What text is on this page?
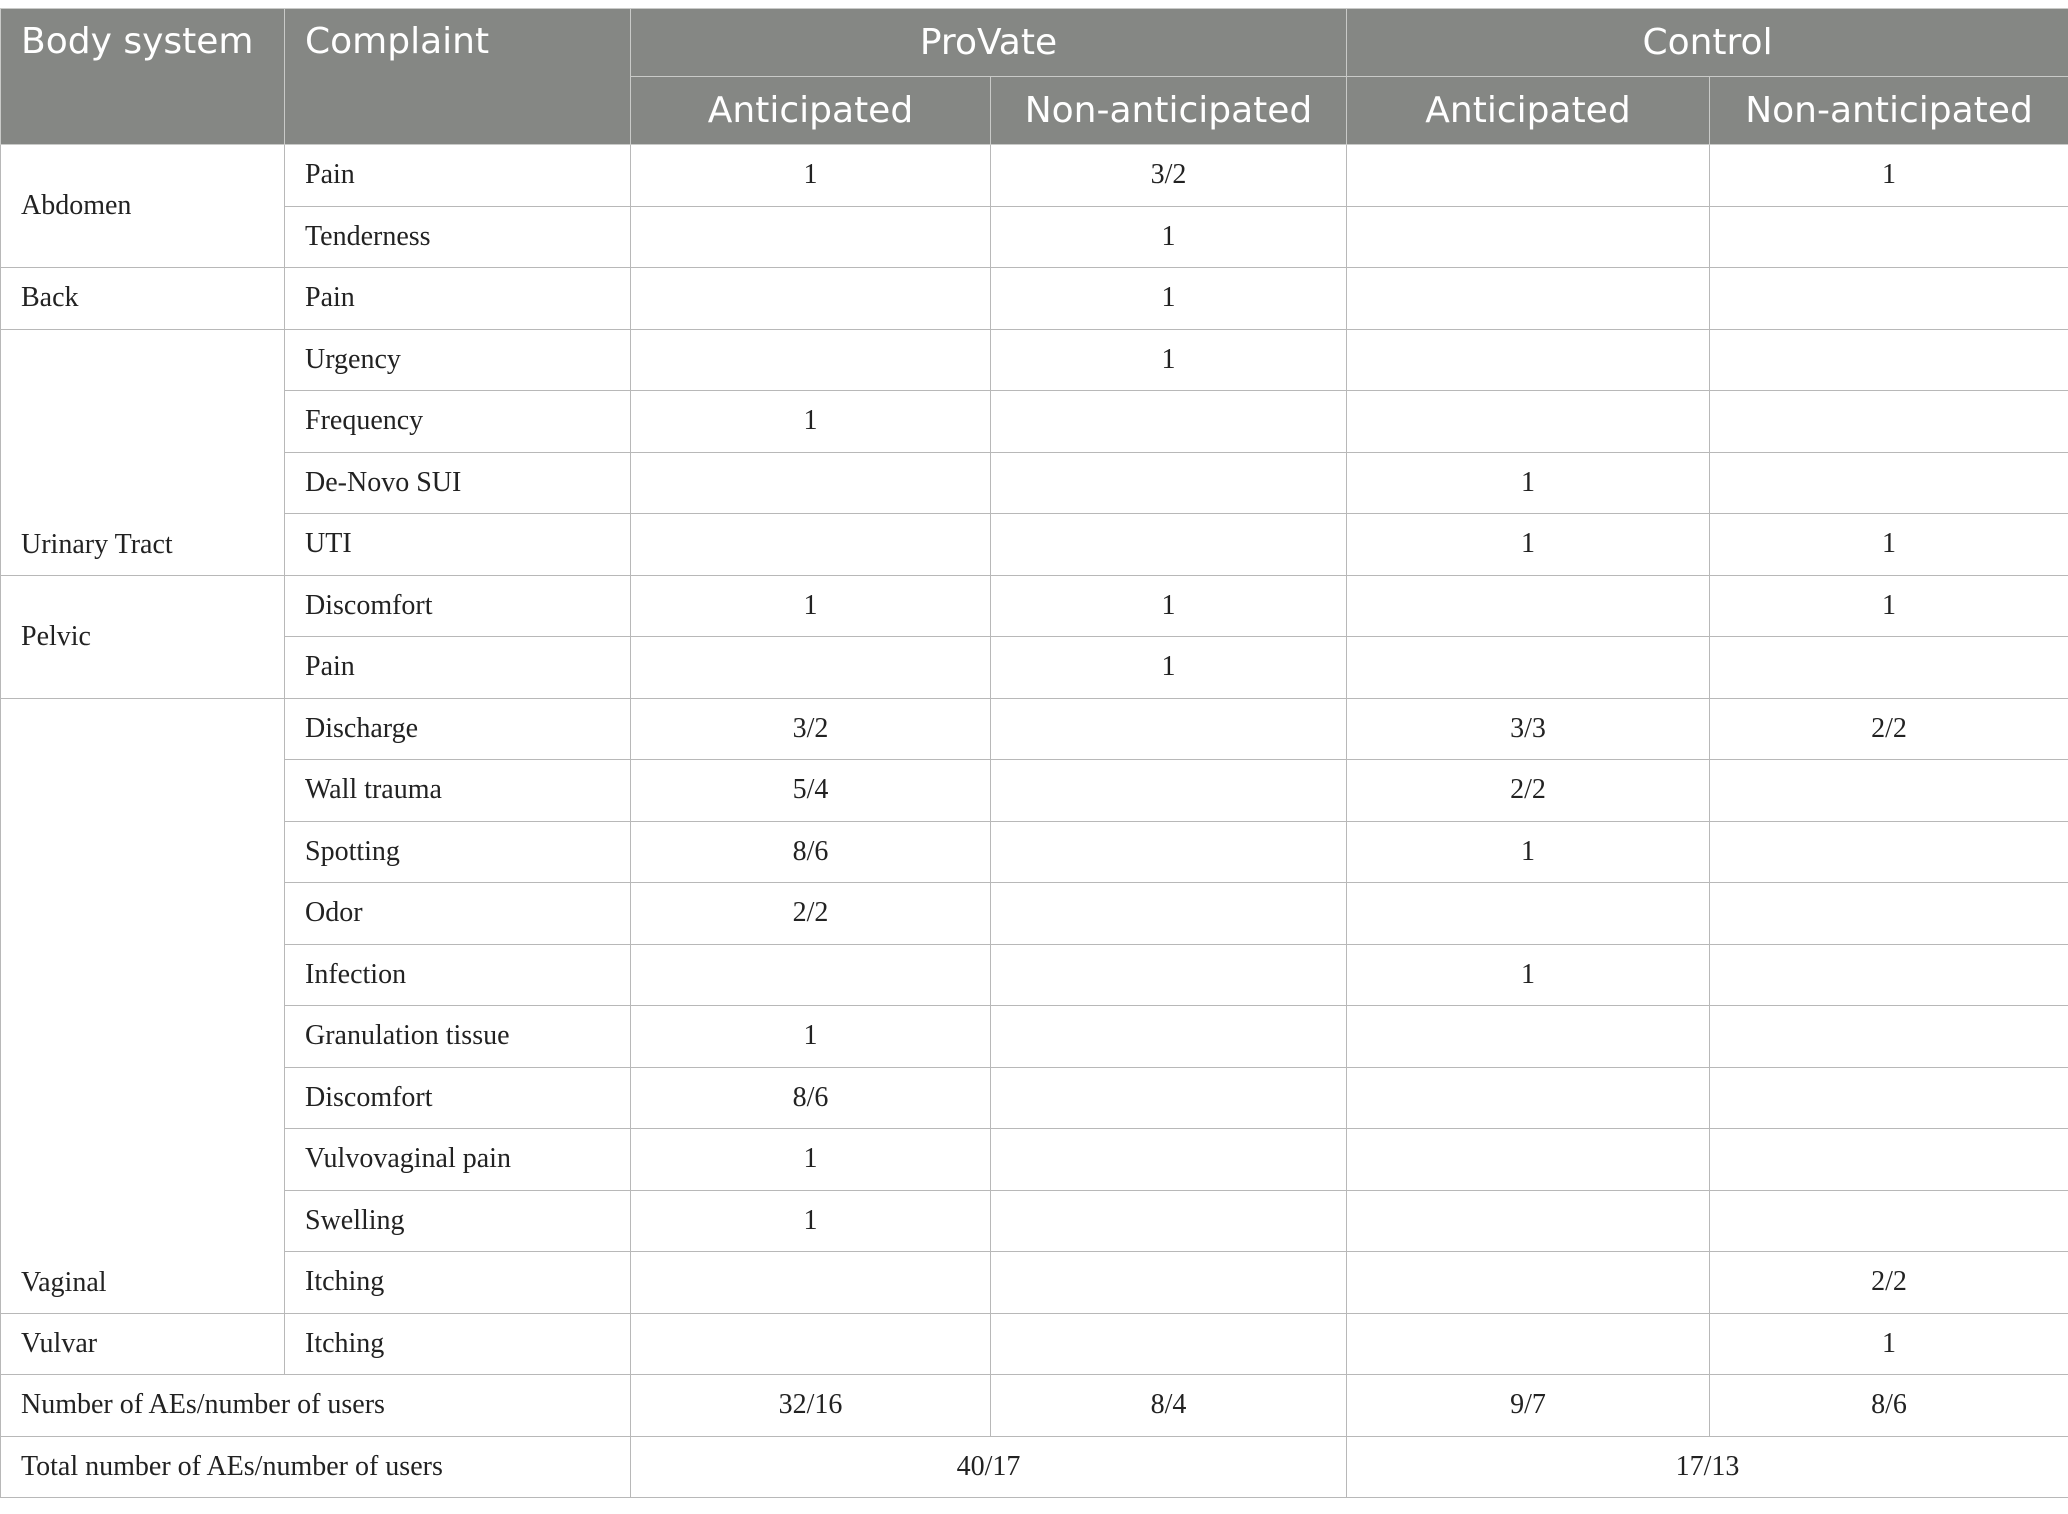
Body system	Complaint	ProVate		Control	
		Anticipated	Non-anticipated	Anticipated	Non-anticipated
Abdomen	Pain	1	3/2		1
	Tenderness		1		
Back	Pain		1		
Urinary Tract	Urgency		1		
	Frequency	1			
	De-Novo SUI			1	
	UTI			1	1
Pelvic	Discomfort	1	1		1
	Pain		1		
Vaginal	Discharge	3/2		3/3	2/2
	Wall trauma	5/4		2/2	
	Spotting	8/6		1	
	Odor	2/2			
	Infection			1	
	Granulation tissue	1			
	Discomfort	8/6			
	Vulvovaginal pain	1			
	Swelling	1			
	Itching				2/2
Vulvar	Itching				1
Number of AEs/number of users		32/16	8/4	9/7	8/6
Total number of AEs/number of users		40/17		17/13	
